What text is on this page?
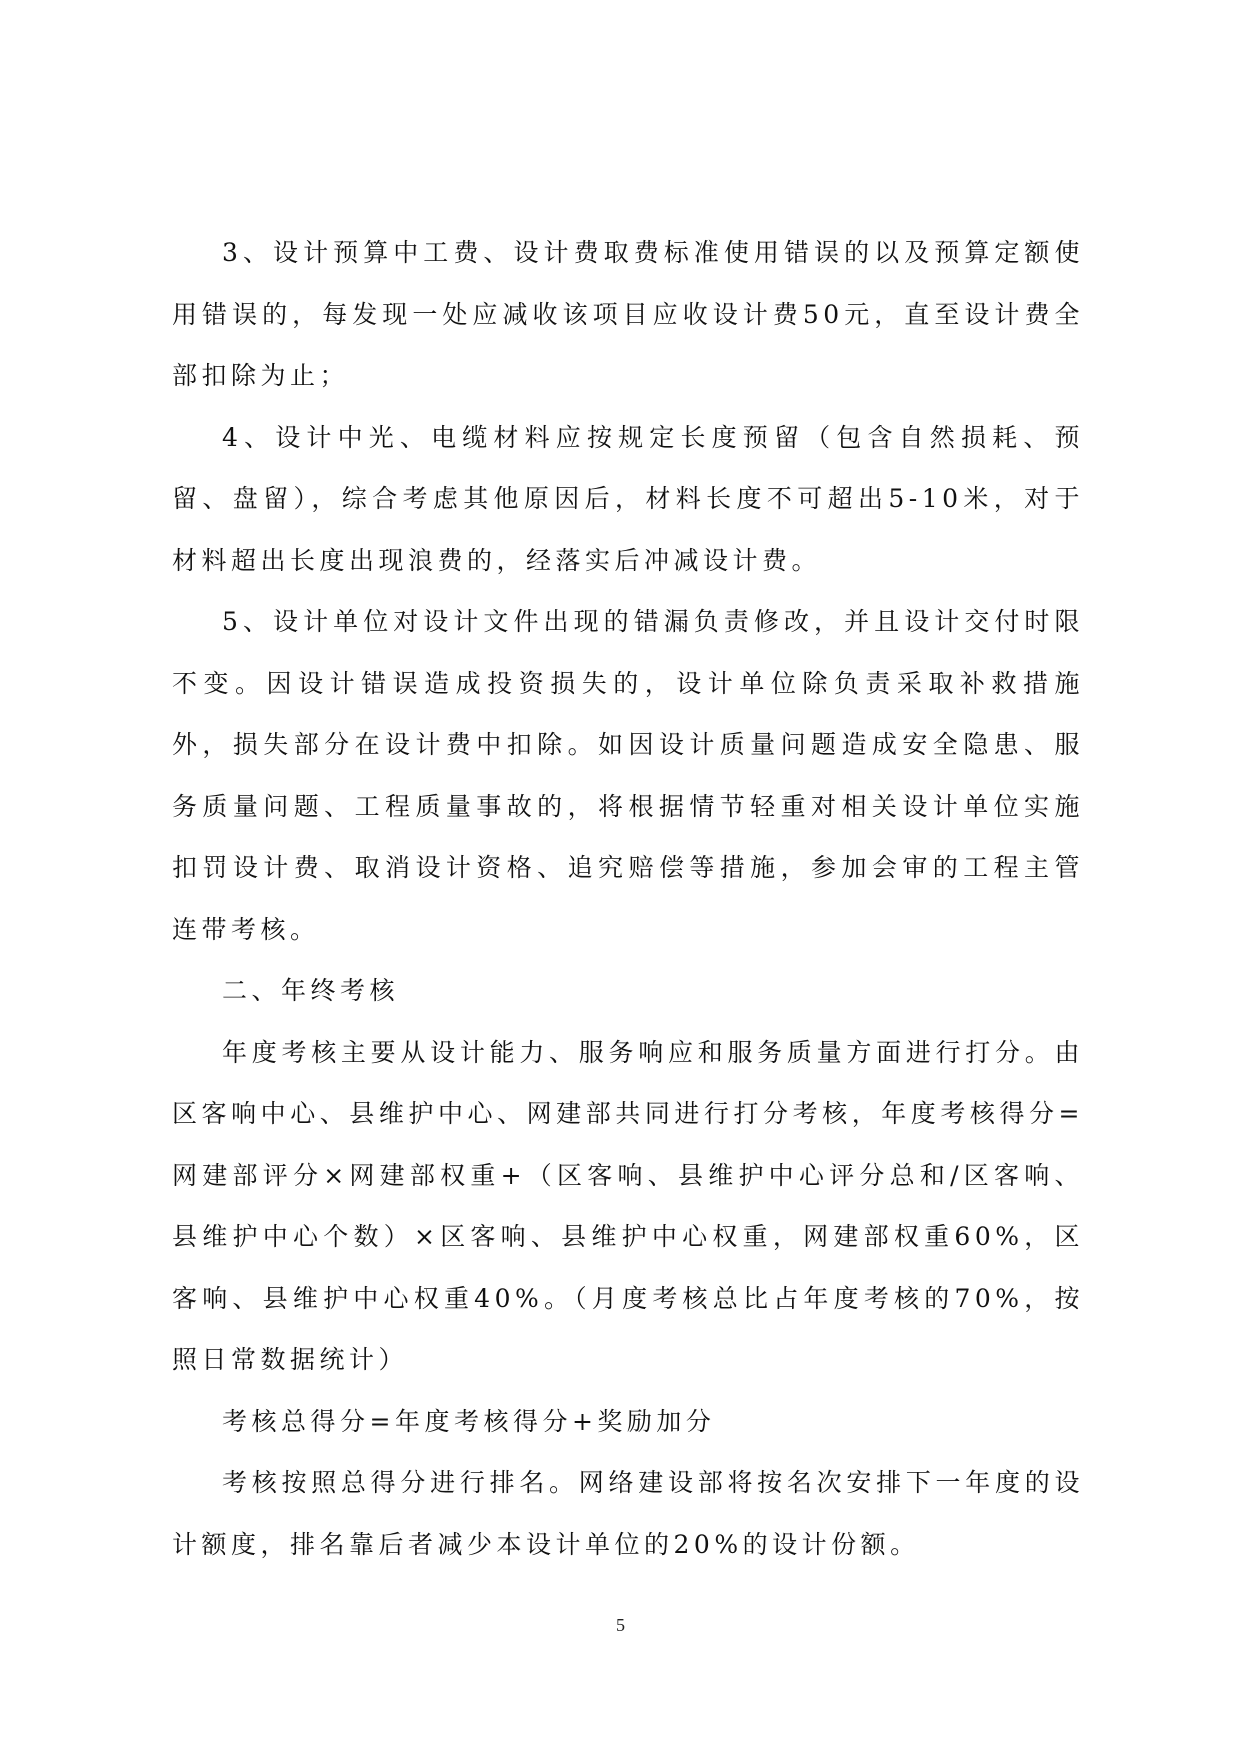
3、设计预算中工费、设计费取费标准使用错误的以及预算定额使用错误的，每发现一处应减收该项目应收设计费50元，直至设计费全部扣除为止；

4、设计中光、电缆材料应按规定长度预留（包含自然损耗、预留、盘留），综合考虑其他原因后，材料长度不可超出5-10米，对于材料超出长度出现浪费的，经落实后冲减设计费。

5、设计单位对设计文件出现的错漏负责修改，并且设计交付时限不变。因设计错误造成投资损失的，设计单位除负责采取补救措施外，损失部分在设计费中扣除。如因设计质量问题造成安全隐患、服务质量问题、工程质量事故的，将根据情节轻重对相关设计单位实施扣罚设计费、取消设计资格、追究赔偿等措施，参加会审的工程主管连带考核。

二、年终考核

年度考核主要从设计能力、服务响应和服务质量方面进行打分。由区客响中心、县维护中心、网建部共同进行打分考核，年度考核得分=网建部评分×网建部权重+（区客响、县维护中心评分总和/区客响、县维护中心个数）×区客响、县维护中心权重，网建部权重60%，区客响、县维护中心权重40%。（月度考核总比占年度考核的70%，按照日常数据统计）

考核总得分=年度考核得分+奖励加分

考核按照总得分进行排名。网络建设部将按名次安排下一年度的设计额度，排名靠后者减少本设计单位的20%的设计份额。

5
